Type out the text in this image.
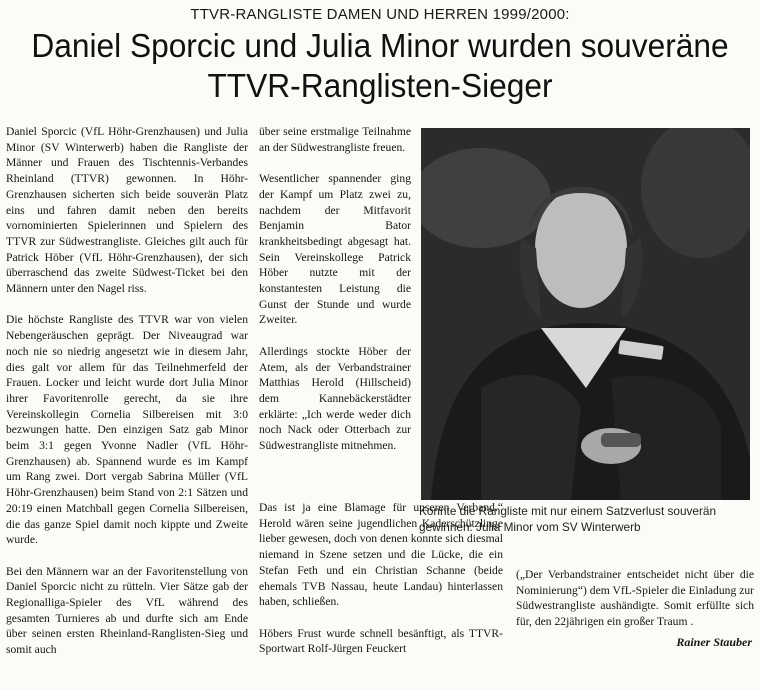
TTVR-RANGLISTE DAMEN UND HERREN 1999/2000:
Daniel Sporcic und Julia Minor wurden souveräne
TTVR-Ranglisten-Sieger

Daniel Sporcic (VfL Höhr-Grenzhausen) und Julia Minor (SV Winterwerb) haben die Rangliste der Männer und Frauen des Tischtennis-Verbandes Rheinland (TTVR) gewonnen. In Höhr-Grenzhausen sicherten sich beide souverän Platz eins und fahren damit neben den bereits vornominierten Spielerinnen und Spielern des TTVR zur Südwestrangliste. Gleiches gilt auch für Patrick Höber (VfL Höhr-Grenzhausen), der sich überraschend das zweite Südwest-Ticket bei den Männern unter den Nagel riss.

Die höchste Rangliste des TTVR war von vielen Nebengeräuschen geprägt. Der Niveaugrad war noch nie so niedrig angesetzt wie in diesem Jahr, dies galt vor allem für das Teilnehmerfeld der Frauen. Locker und leicht wurde dort Julia Minor ihrer Favoritenrolle gerecht, da sie ihre Vereinskollegin Cornelia Silbereisen mit 3:0 bezwungen hatte. Den einzigen Satz gab Minor beim 3:1 gegen Yvonne Nadler (VfL Höhr-Grenzhausen) ab. Spannend wurde es im Kampf um Rang zwei. Dort vergab Sabrina Müller (VfL Höhr-Grenzhausen) beim Stand von 2:1 Sätzen und 20:19 einen Matchball gegen Cornelia Silbereisen, die das ganze Spiel damit noch kippte und Zweite wurde.

Bei den Männern war an der Favoritenstellung von Daniel Sporcic nicht zu rütteln. Vier Sätze gab der Regionalliga-Spieler des VfL während des gesamten Turnieres ab und durfte sich am Ende über seinen ersten Rheinland-Ranglisten-Sieg und somit auch

über seine erstmalige Teilnahme an der Südwestrangliste freuen.

Wesentlicher spannender ging der Kampf um Platz zwei zu, nachdem der Mitfavorit Benjamin Bator krankheitsbedingt abgesagt hat. Sein Vereinskollege Patrick Höber nutzte mit der konstantesten Leistung die Gunst der Stunde und wurde Zweiter.

Allerdings stockte Höber der Atem, als der Verbandstrainer Matthias Herold (Hillscheid) dem Kannebäckerstädter erklärte: „Ich werde weder dich noch Nack oder Otterbach zur Südwestrangliste mitnehmen.

Konnte die Rangliste mit nur einem Satzverlust souverän gewinnen: Julia Minor vom SV Winterwerb

Das ist ja eine Blamage für unseren Verband.“ Herold wären seine jugendlichen Kaderschützlinge lieber gewesen, doch von denen konnte sich diesmal niemand in Szene setzen und die Lücke, die ein Stefan Feth und ein Christian Schanne (beide ehemals TVB Nassau, heute Landau) hinterlassen haben, schließen.

Höbers Frust wurde schnell besänftigt, als TTVR-Sportwart Rolf-Jürgen Feuckert

(„Der Verbandstrainer entscheidet nicht über die Nominierung“) dem VfL-Spieler die Einladung zur Südwestrangliste aushändigte. Somit erfüllte sich für, den 22jährigen ein großer Traum .

Rainer Stauber
